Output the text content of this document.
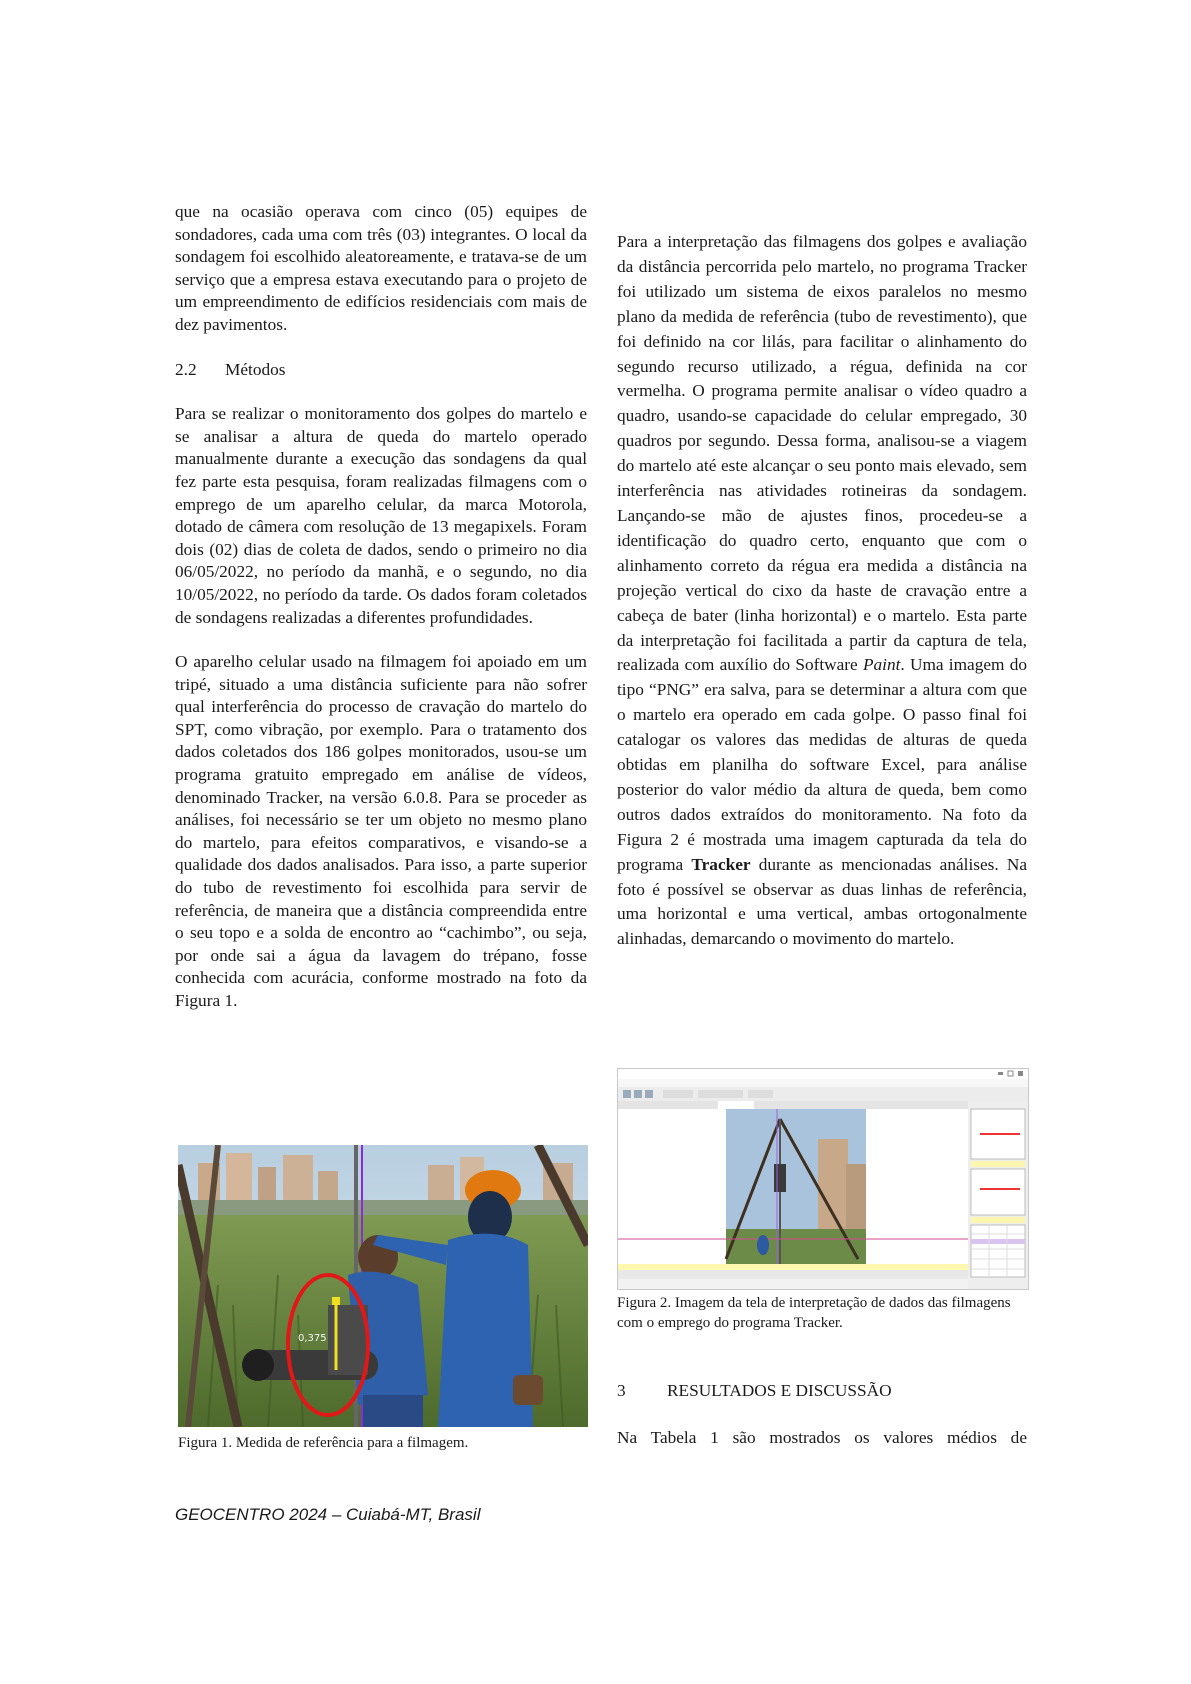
que na ocasião operava com cinco (05) equipes de sondadores, cada uma com três (03) integrantes. O local da sondagem foi escolhido aleatoreamente, e tratava-se de um serviço que a empresa estava executando para o projeto de um empreendimento de edifícios residenciais com mais de dez pavimentos.

2.2	Métodos

Para se realizar o monitoramento dos golpes do martelo e se analisar a altura de queda do martelo operado manualmente durante a execução das sondagens da qual fez parte esta pesquisa, foram realizadas filmagens com o emprego de um aparelho celular, da marca Motorola, dotado de câmera com resolução de 13 megapixels. Foram dois (02) dias de coleta de dados, sendo o primeiro no dia 06/05/2022, no período da manhã, e o segundo, no dia 10/05/2022, no período da tarde. Os dados foram coletados de sondagens realizadas a diferentes profundidades.

O aparelho celular usado na filmagem foi apoiado em um tripé, situado a uma distância suficiente para não sofrer qual interferência do processo de cravação do martelo do SPT, como vibração, por exemplo. Para o tratamento dos dados coletados dos 186 golpes monitorados, usou-se um programa gratuito empregado em análise de vídeos, denominado Tracker, na versão 6.0.8. Para se proceder as análises, foi necessário se ter um objeto no mesmo plano do martelo, para efeitos comparativos, e visando-se a qualidade dos dados analisados. Para isso, a parte superior do tubo de revestimento foi escolhida para servir de referência, de maneira que a distância compreendida entre o seu topo e a solda de encontro ao “cachimbo”, ou seja, por onde sai a água da lavagem do trépano, fosse conhecida com acurácia, conforme mostrado na foto da Figura 1.

0,375
Figura 1. Medida de referência para a filmagem.

Para a interpretação das filmagens dos golpes e avaliação da distância percorrida pelo martelo, no programa Tracker foi utilizado um sistema de eixos paralelos no mesmo plano da medida de referência (tubo de revestimento), que foi definido na cor lilás, para facilitar o alinhamento do segundo recurso utilizado, a régua, definida na cor vermelha. O programa permite analisar o vídeo quadro a quadro, usando-se capacidade do celular empregado, 30 quadros por segundo. Dessa forma, analisou-se a viagem do martelo até este alcançar o seu ponto mais elevado, sem interferência nas atividades rotineiras da sondagem. Lançando-se mão de ajustes finos, procedeu-se a identificação do quadro certo, enquanto que com o alinhamento correto da régua era medida a distância na projeção vertical do cixo da haste de cravação entre a cabeça de bater (linha horizontal) e o martelo. Esta parte da interpretação foi facilitada a partir da captura de tela, realizada com auxílio do Software Paint. Uma imagem do tipo “PNG” era salva, para se determinar a altura com que o martelo era operado em cada golpe. O passo final foi catalogar os valores das medidas de alturas de queda obtidas em planilha do software Excel, para análise posterior do valor médio da altura de queda, bem como outros dados extraídos do monitoramento. Na foto da Figura 2 é mostrada uma imagem capturada da tela do programa Tracker durante as mencionadas análises. Na foto é possível se observar as duas linhas de referência, uma horizontal e uma vertical, ambas ortogonalmente alinhadas, demarcando o movimento do martelo.

Figura 2. Imagem da tela de interpretação de dados das filmagens com o emprego do programa Tracker.
3	RESULTADOS E DISCUSSÃO

Na Tabela 1 são mostrados os valores médios de

GEOCENTRO 2024 – Cuiabá-MT, Brasil
